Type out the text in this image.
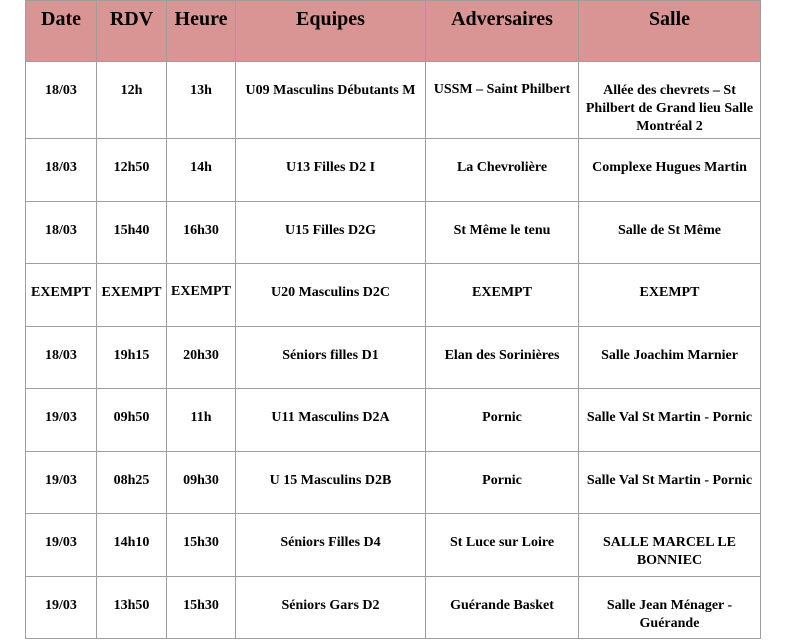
Date	RDV	Heure	Equipes	Adversaires	Salle
18/03	12h	13h	U09 Masculins Débutants M	USSM – Saint Philbert	Allée des chevrets – St Philbert de Grand lieu Salle Montréal 2
18/03	12h50	14h	U13 Filles D2 I	La Chevrolière	Complexe Hugues Martin
18/03	15h40	16h30	U15 Filles D2G	St Même le tenu	Salle de St Même
EXEMPT	EXEMPT	EXEMPT	U20 Masculins D2C	EXEMPT	EXEMPT
18/03	19h15	20h30	Séniors filles D1	Elan des Sorinières	Salle Joachim Marnier
19/03	09h50	11h	U11 Masculins D2A	Pornic	Salle Val St Martin - Pornic
19/03	08h25	09h30	U 15 Masculins D2B	Pornic	Salle Val St Martin - Pornic
19/03	14h10	15h30	Séniors Filles D4	St Luce sur Loire	SALLE MARCEL LE BONNIEC
19/03	13h50	15h30	Séniors Gars D2	Guérande Basket	Salle Jean Ménager - Guérande
